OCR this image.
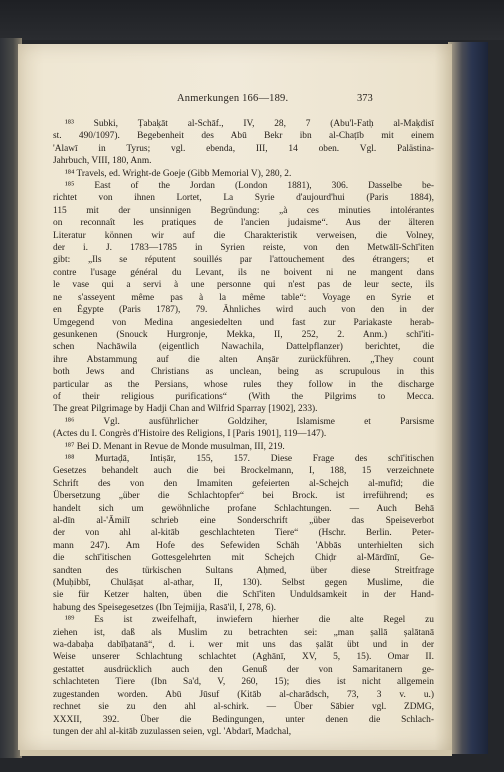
Anmerkungen 166—189.	373
¹⁸³ Subki, Ṭabaḳāt al-Schāf., IV, 28, 7 (Abu'l-Fatḥ al-Maḳdisī
st. 490/1097). Begebenheit des Abū Bekr ibn al-Chaṭīb mit einem
'Alawī in Tyrus; vgl. ebenda, III, 14 oben. Vgl. Palästina-
Jahrbuch, VIII, 180, Anm.
¹⁸⁴ Travels, ed. Wright-de Goeje (Gibb Memorial V), 280, 2.
¹⁸⁵ East of the Jordan (London 1881), 306. Dasselbe be-
richtet von ihnen Lortet, La Syrie d'aujourd'hui (Paris 1884),
115 mit der unsinnigen Begründung: „à ces minuties intolérantes
on reconnaît les pratiques de l'ancien judaisme“. Aus der älteren
Literatur können wir auf die Charakteristik verweisen, die Volney,
der i. J. 1783—1785 in Syrien reiste, von den Metwālī-Schī'iten
gibt: „Ils se réputent souillés par l'attouchement des étrangers; et
contre l'usage général du Levant, ils ne boivent ni ne mangent dans
le vase qui a servi à une personne qui n'est pas de leur secte, ils
ne s'asseyent même pas à la même table“: Voyage en Syrie et
en Égypte (Paris 1787), 79. Ähnliches wird auch von den in der
Umgegend von Medina angesiedelten und fast zur Pariakaste herab-
gesunkenen (Snouck Hurgronje, Mekka, II, 252, 2. Anm.) schī'iti-
schen Nachāwila (eigentlich Nawachila, Dattelpflanzer) berichtet, die
ihre Abstammung auf die alten Anṣār zurückführen. „They count
both Jews and Christians as unclean, being as scrupulous in this
particular as the Persians, whose rules they follow in the discharge
of their religious purifications“ (With the Pilgrims to Mecca.
The great Pilgrimage by Hadji Chan and Wilfrid Sparray [1902], 233).
¹⁸⁶ Vgl. ausführlicher Goldziher, Islamisme et Parsisme
(Actes du I. Congrès d'Histoire des Religions, I [Paris 1901], 119—147).
¹⁸⁷ Bei D. Menant in Revue de Monde musulman, III, 219.
¹⁸⁸ Murtaḍā, Intiṣār, 155, 157. Diese Frage des schī'itischen
Gesetzes behandelt auch die bei Brockelmann, I, 188, 15 verzeichnete
Schrift des von den Imamiten gefeierten al-Schejch al-mufīd; die
Übersetzung „über die Schlachtopfer“ bei Brock. ist irreführend; es
handelt sich um gewöhnliche profane Schlachtungen. — Auch Behā
al-dīn al-'Āmilī schrieb eine Sonderschrift „über das Speiseverbot
der von ahl al-kitāb geschlachteten Tiere“ (Hschr. Berlin. Peter-
mann 247). Am Hofe des Sefewiden Schāh 'Abbās unterhielten sich
die schī'itischen Gottesgelehrten mit Schejch Chiḍr al-Mārdīnī, Ge-
sandten des türkischen Sultans Aḥmed, über diese Streitfrage
(Muḥibbī, Chulāṣat al-athar, II, 130). Selbst gegen Muslime, die
sie für Ketzer halten, üben die Schī'iten Unduldsamkeit in der Hand-
habung des Speisegesetzes (Ibn Tejmijja, Rasā'il, I, 278, 6).
¹⁸⁹ Es ist zweifelhaft, inwiefern hierher die alte Regel zu
ziehen ist, daß als Muslim zu betrachten sei: „man ṣallā ṣalātanā
wa-dabaḥa dabīḥatanā“, d. i. wer mit uns das ṣalāt übt und in der
Weise unserer Schlachtung schlachtet (Aghānī, XV, 5, 15). Omar II.
gestattet ausdrücklich auch den Genuß der von Samaritanern ge-
schlachteten Tiere (Ibn Sa'd, V, 260, 15); dies ist nicht allgemein
zugestanden worden. Abū Jūsuf (Kitāb al-charādsch, 73, 3 v. u.)
rechnet sie zu den ahl al-schirk. — Über Sābier vgl. ZDMG,
XXXII, 392. Über die Bedingungen, unter denen die Schlach-
tungen der ahl al-kitāb zuzulassen seien, vgl. 'Abdarī, Madchal,
